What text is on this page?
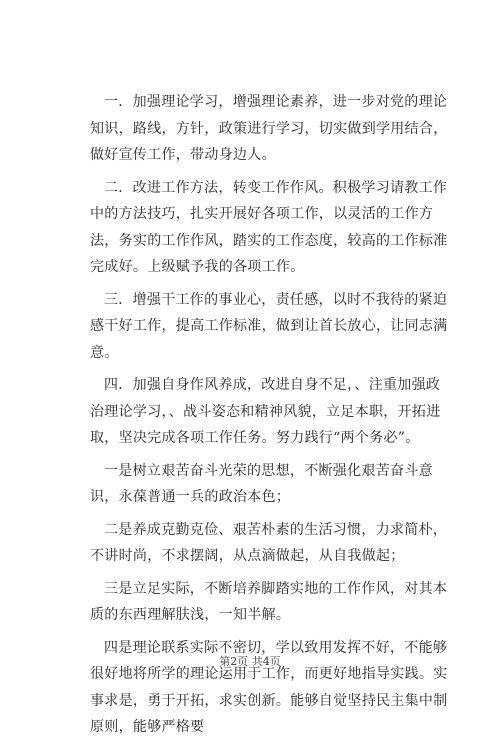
一．加强理论学习，增强理论素养，进一步对党的理论知识，路线，方针，政策进行学习，切实做到学用结合，做好宣传工作，带动身边人。

二．改进工作方法，转变工作作风。积极学习请教工作中的方法技巧，扎实开展好各项工作，以灵活的工作方法，务实的工作作风，踏实的工作态度，较高的工作标准完成好。上级赋予我的各项工作。

三．增强干工作的事业心，责任感，以时不我待的紧迫感干好工作，提高工作标准，做到让首长放心，让同志满意。

四．加强自身作风养成，改进自身不足，、注重加强政治理论学习，、战斗姿态和精神风貌，立足本职，开拓进取，坚决完成各项工作任务。努力践行“两个务必”。

一是树立艰苦奋斗光荣的思想，不断强化艰苦奋斗意识，永葆普通一兵的政治本色；

二是养成克勤克俭、艰苦朴素的生活习惯，力求简朴，不讲时尚，不求摆阔，从点滴做起，从自我做起；

三是立足实际，不断培养脚踏实地的工作作风，对其本质的东西理解肤浅，一知半解。

四是理论联系实际不密切，学以致用发挥不好，不能够很好地将所学的理论运用于工作，而更好地指导实践。实事求是，勇于开拓，求实创新。能够自觉坚持民主集中制原则，能够严格要

第2页 共4页
